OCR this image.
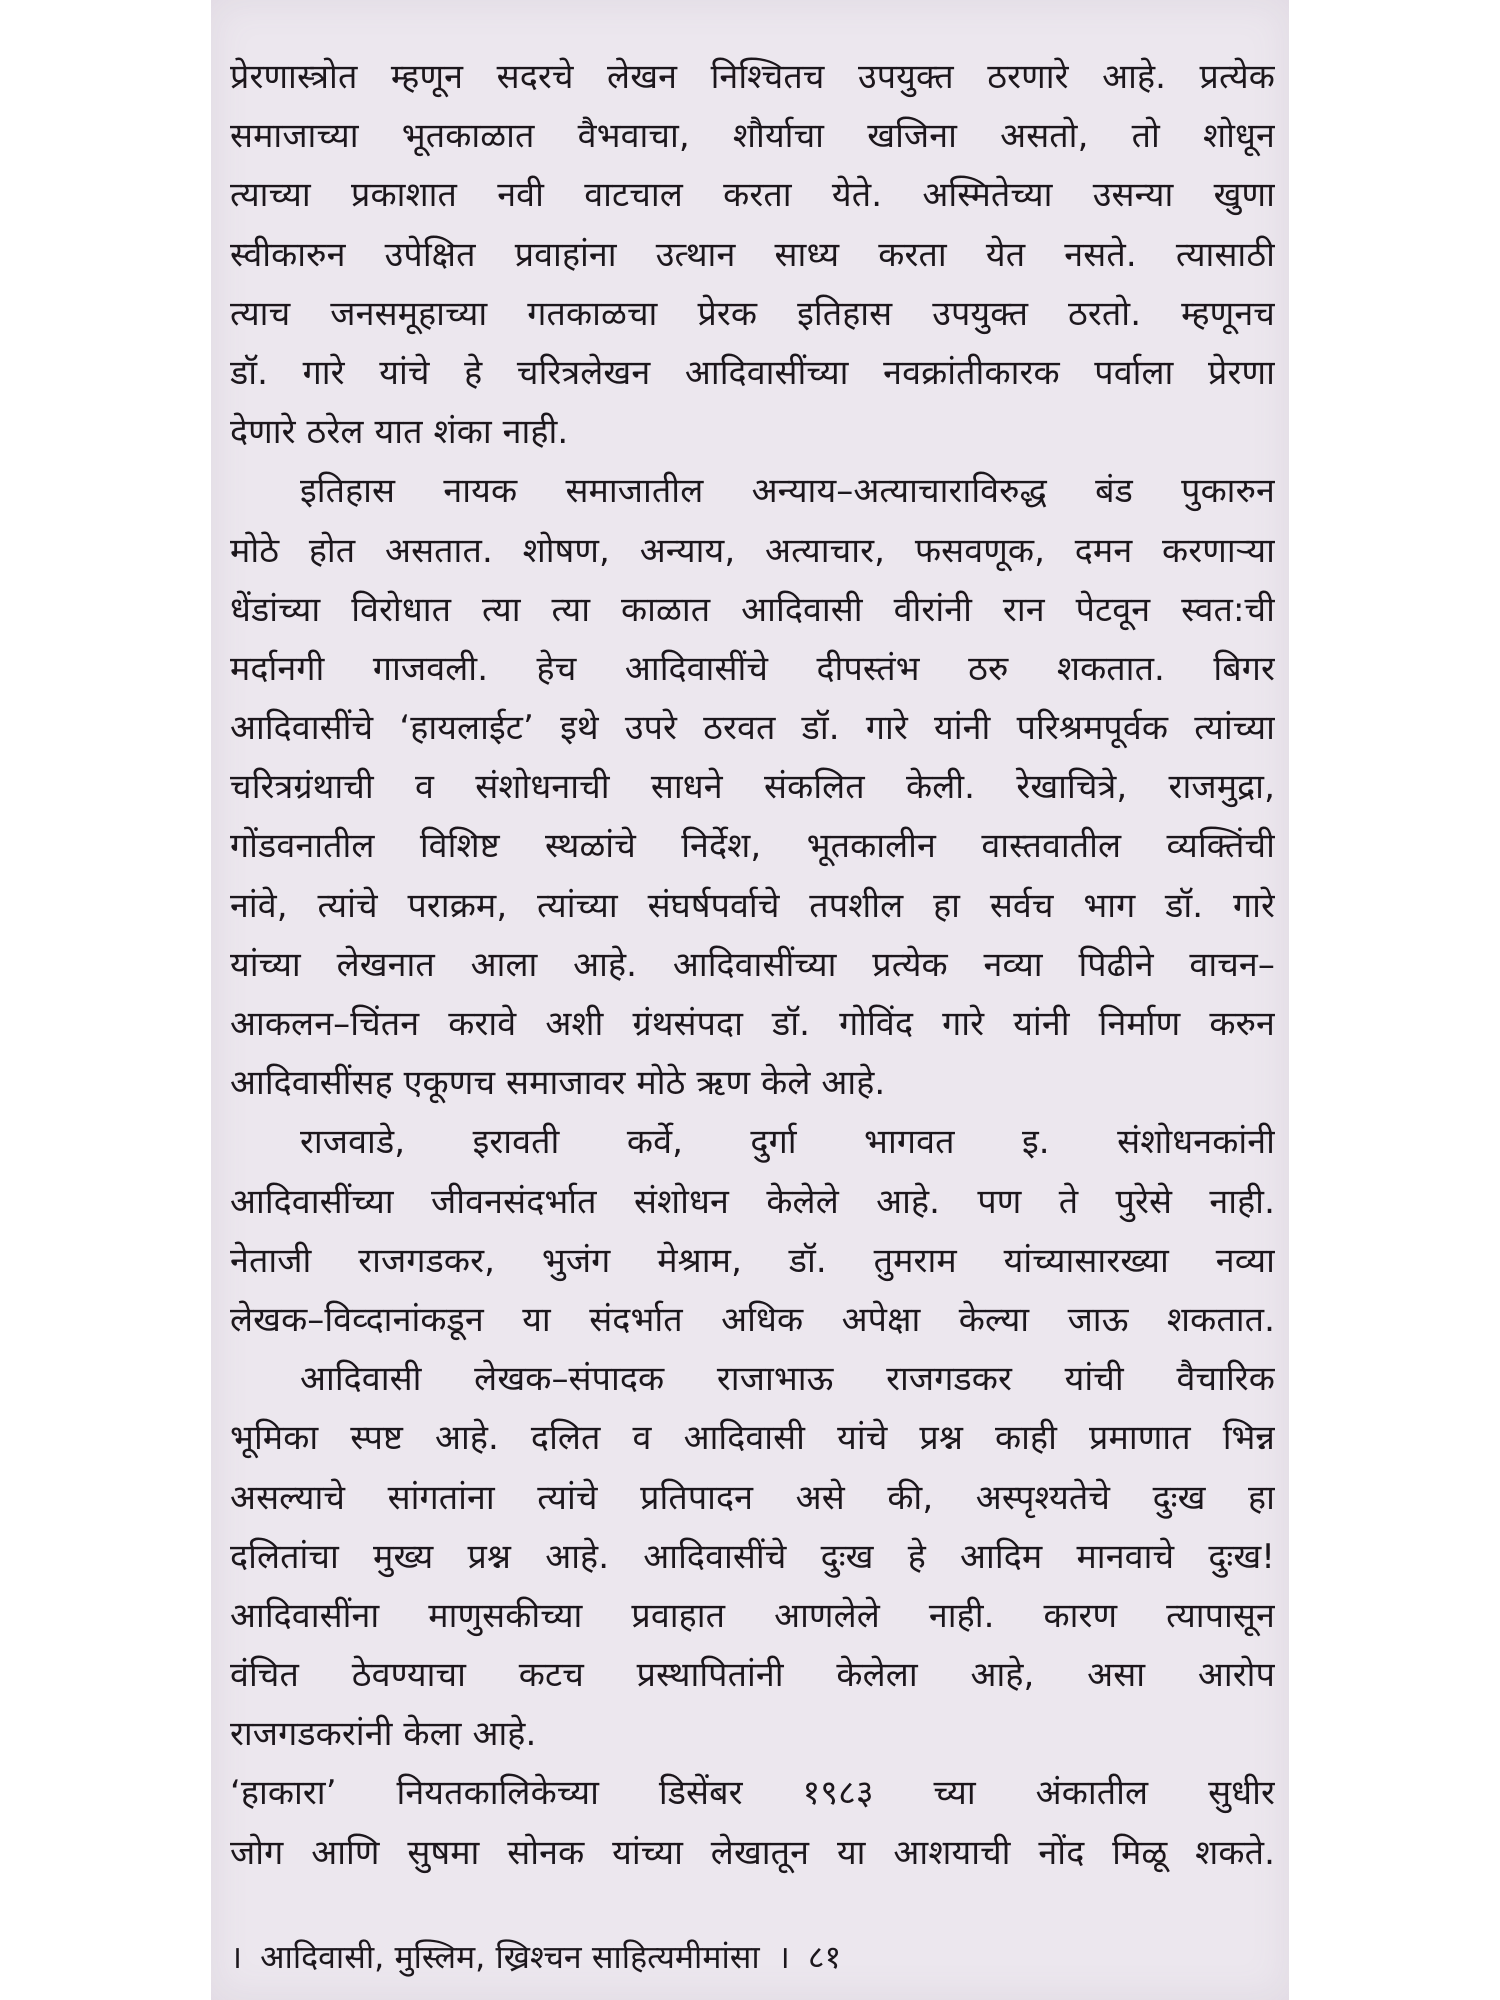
प्रेरणास्त्रोत म्हणून सदरचे लेखन निश्चितच उपयुक्त ठरणारे आहे. प्रत्येक
समाजाच्या भूतकाळात वैभवाचा, शौर्याचा खजिना असतो, तो शोधून
त्याच्या प्रकाशात नवी वाटचाल करता येते. अस्मितेच्या उसन्या खुणा
स्वीकारुन उपेक्षित प्रवाहांना उत्थान साध्य करता येत नसते. त्यासाठी
त्याच जनसमूहाच्या गतकाळचा प्रेरक इतिहास उपयुक्त ठरतो. म्हणूनच
डॉ. गारे यांचे हे चरित्रलेखन आदिवासींच्या नवक्रांतीकारक पर्वाला प्रेरणा
देणारे ठरेल यात शंका नाही.
इतिहास नायक समाजातील अन्याय–अत्याचाराविरुद्ध बंड पुकारुन
मोठे होत असतात. शोषण, अन्याय, अत्याचार, फसवणूक, दमन करणाऱ्या
धेंडांच्या विरोधात त्या त्या काळात आदिवासी वीरांनी रान पेटवून स्वत:ची
मर्दानगी गाजवली. हेच आदिवासींचे दीपस्तंभ ठरु शकतात. बिगर
आदिवासींचे ‘हायलाईट’ इथे उपरे ठरवत डॉ. गारे यांनी परिश्रमपूर्वक त्यांच्या
चरित्रग्रंथाची व संशोधनाची साधने संकलित केली. रेखाचित्रे, राजमुद्रा,
गोंडवनातील विशिष्ट स्थळांचे निर्देश, भूतकालीन वास्तवातील व्यक्तिंची
नांवे, त्यांचे पराक्रम, त्यांच्या संघर्षपर्वाचे तपशील हा सर्वच भाग डॉ. गारे
यांच्या लेखनात आला आहे. आदिवासींच्या प्रत्येक नव्या पिढीने वाचन–
आकलन–चिंतन करावे अशी ग्रंथसंपदा डॉ. गोविंद गारे यांनी निर्माण करुन
आदिवासींसह एकूणच समाजावर मोठे ऋण केले आहे.
राजवाडे, इरावती कर्वे, दुर्गा भागवत इ. संशोधनकांनी
आदिवासींच्या जीवनसंदर्भात संशोधन केलेले आहे. पण ते पुरेसे नाही.
नेताजी राजगडकर, भुजंग मेश्राम, डॉ. तुमराम यांच्यासारख्या नव्या
लेखक–विव्दानांकडून या संदर्भात अधिक अपेक्षा केल्या जाऊ शकतात.
आदिवासी लेखक–संपादक राजाभाऊ राजगडकर यांची वैचारिक
भूमिका स्पष्ट आहे. दलित व आदिवासी यांचे प्रश्न काही प्रमाणात भिन्न
असल्याचे सांगतांना त्यांचे प्रतिपादन असे की, अस्पृश्यतेचे दुःख हा
दलितांचा मुख्य प्रश्न आहे. आदिवासींचे दुःख हे आदिम मानवाचे दुःख!
आदिवासींना माणुसकीच्या प्रवाहात आणलेले नाही. कारण त्यापासून
वंचित ठेवण्याचा कटच प्रस्थापितांनी केलेला आहे, असा आरोप
राजगडकरांनी केला आहे.
‘हाकारा’ नियतकालिकेच्या डिसेंबर १९८३ च्या अंकातील सुधीर
जोग आणि सुषमा सोनक यांच्या लेखातून या आशयाची नोंद मिळू शकते.
। आदिवासी, मुस्लिम, ख्रिश्चन साहित्यमीमांसा । ८१
